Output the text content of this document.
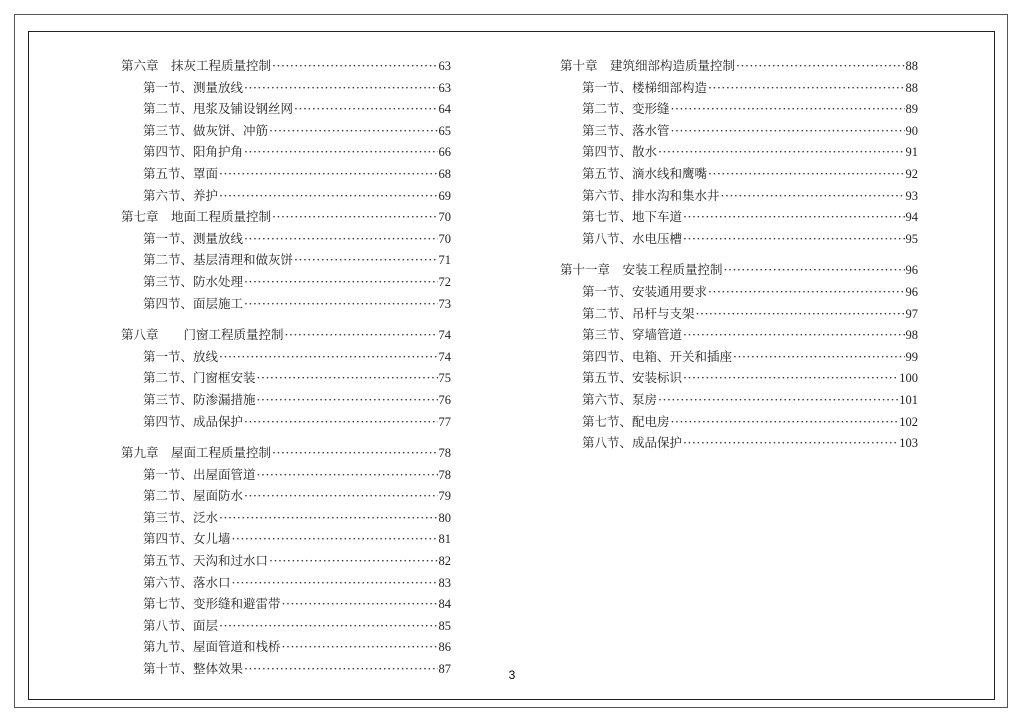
第六章　抹灰工程质量控制 ·····	63
第一节、测量放线 ·····	63
第二节、甩浆及铺设钢丝网 ·····	64
第三节、做灰饼、冲筋 ·····	65
第四节、阳角护角 ·····	66
第五节、罩面 ·····	68
第六节、养护 ·····	69
第七章　地面工程质量控制 ·····	70
第一节、测量放线 ·····	70
第二节、基层清理和做灰饼 ·····	71
第三节、防水处理 ·····	72
第四节、面层施工 ·····	73
第八章　　门窗工程质量控制 ·····	74
第一节、放线 ·····	74
第二节、门窗框安装 ·····	75
第三节、防渗漏措施 ·····	76
第四节、成品保护 ·····	77
第九章　屋面工程质量控制 ·····	78
第一节、出屋面管道 ·····	78
第二节、屋面防水 ·····	79
第三节、泛水 ·····	80
第四节、女儿墙 ·····	81
第五节、天沟和过水口 ·····	82
第六节、落水口 ·····	83
第七节、变形缝和避雷带 ·····	84
第八节、面层 ·····	85
第九节、屋面管道和栈桥 ·····	86
第十节、整体效果 ·····	87
第十章　建筑细部构造质量控制 ·····	88
第一节、楼梯细部构造 ·····	88
第二节、变形缝 ·····	89
第三节、落水管 ·····	90
第四节、散水 ·····	91
第五节、滴水线和鹰嘴 ·····	92
第六节、排水沟和集水井 ·····	93
第七节、地下车道 ·····	94
第八节、水电压槽 ·····	95
第十一章　安装工程质量控制 ·····	96
第一节、安装通用要求 ·····	96
第二节、吊杆与支架 ·····	97
第三节、穿墙管道 ·····	98
第四节、电箱、开关和插座 ·····	99
第五节、安装标识 ·····	100
第六节、泵房 ·····	101
第七节、配电房 ·····	102
第八节、成品保护 ·····	103
3
